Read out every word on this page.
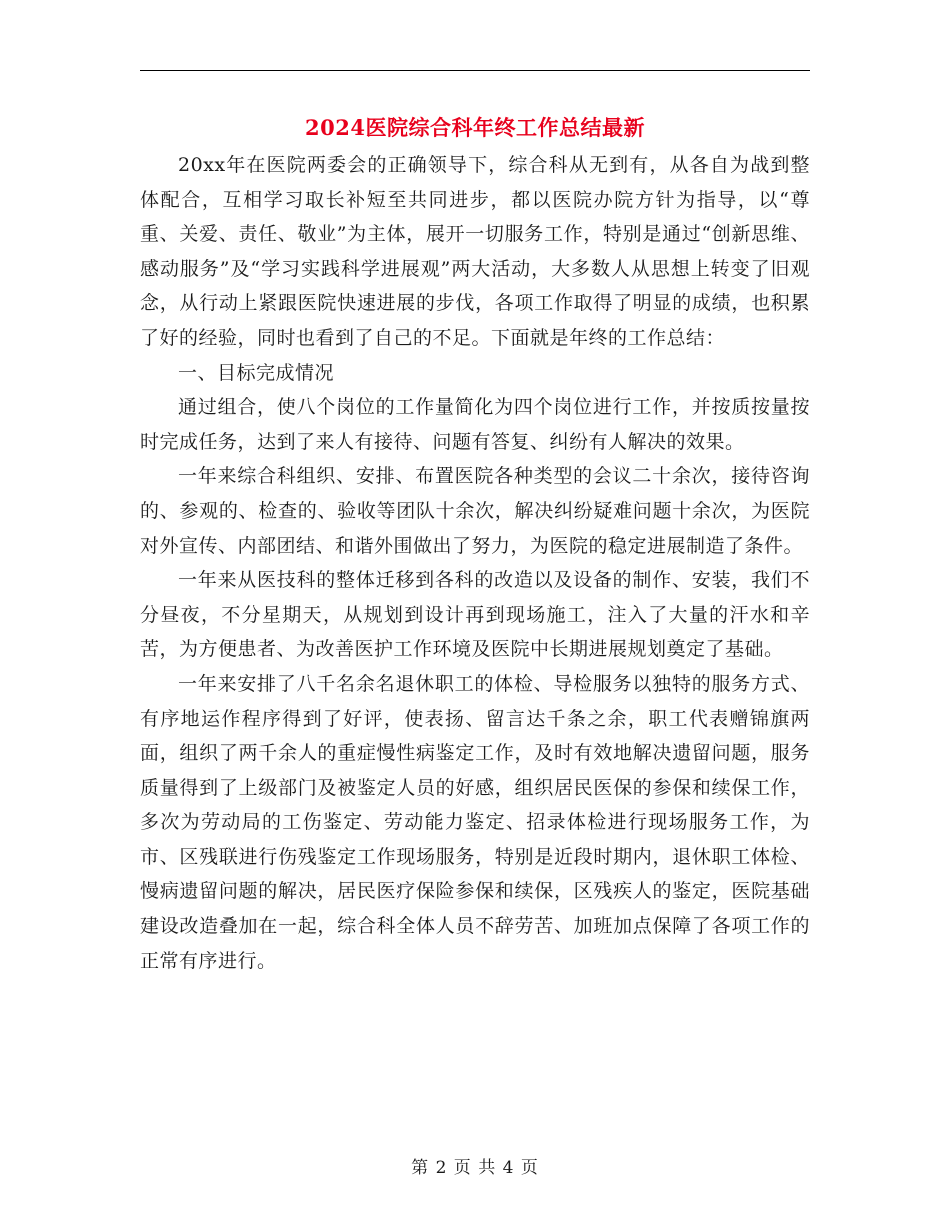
2024医院综合科年终工作总结最新

20xx年在医院两委会的正确领导下，综合科从无到有，从各自为战到整体配合，互相学习取长补短至共同进步，都以医院办院方针为指导，以“尊重、关爱、责任、敬业”为主体，展开一切服务工作，特别是通过“创新思维、感动服务”及“学习实践科学进展观”两大活动，大多数人从思想上转变了旧观念，从行动上紧跟医院快速进展的步伐，各项工作取得了明显的成绩，也积累了好的经验，同时也看到了自己的不足。下面就是年终的工作总结：

一、目标完成情况

通过组合，使八个岗位的工作量简化为四个岗位进行工作，并按质按量按时完成任务，达到了来人有接待、问题有答复、纠纷有人解决的效果。

一年来综合科组织、安排、布置医院各种类型的会议二十余次，接待咨询的、参观的、检查的、验收等团队十余次，解决纠纷疑难问题十余次，为医院对外宣传、内部团结、和谐外围做出了努力，为医院的稳定进展制造了条件。

一年来从医技科的整体迁移到各科的改造以及设备的制作、安装，我们不分昼夜，不分星期天，从规划到设计再到现场施工，注入了大量的汗水和辛苦，为方便患者、为改善医护工作环境及医院中长期进展规划奠定了基础。

一年来安排了八千名余名退休职工的体检、导检服务以独特的服务方式、有序地运作程序得到了好评，使表扬、留言达千条之余，职工代表赠锦旗两面，组织了两千余人的重症慢性病鉴定工作，及时有效地解决遗留问题，服务质量得到了上级部门及被鉴定人员的好感，组织居民医保的参保和续保工作，多次为劳动局的工伤鉴定、劳动能力鉴定、招录体检进行现场服务工作，为市、区残联进行伤残鉴定工作现场服务，特别是近段时期内，退休职工体检、慢病遗留问题的解决，居民医疗保险参保和续保，区残疾人的鉴定，医院基础建设改造叠加在一起，综合科全体人员不辞劳苦、加班加点保障了各项工作的正常有序进行。

第 2 页 共 4 页
